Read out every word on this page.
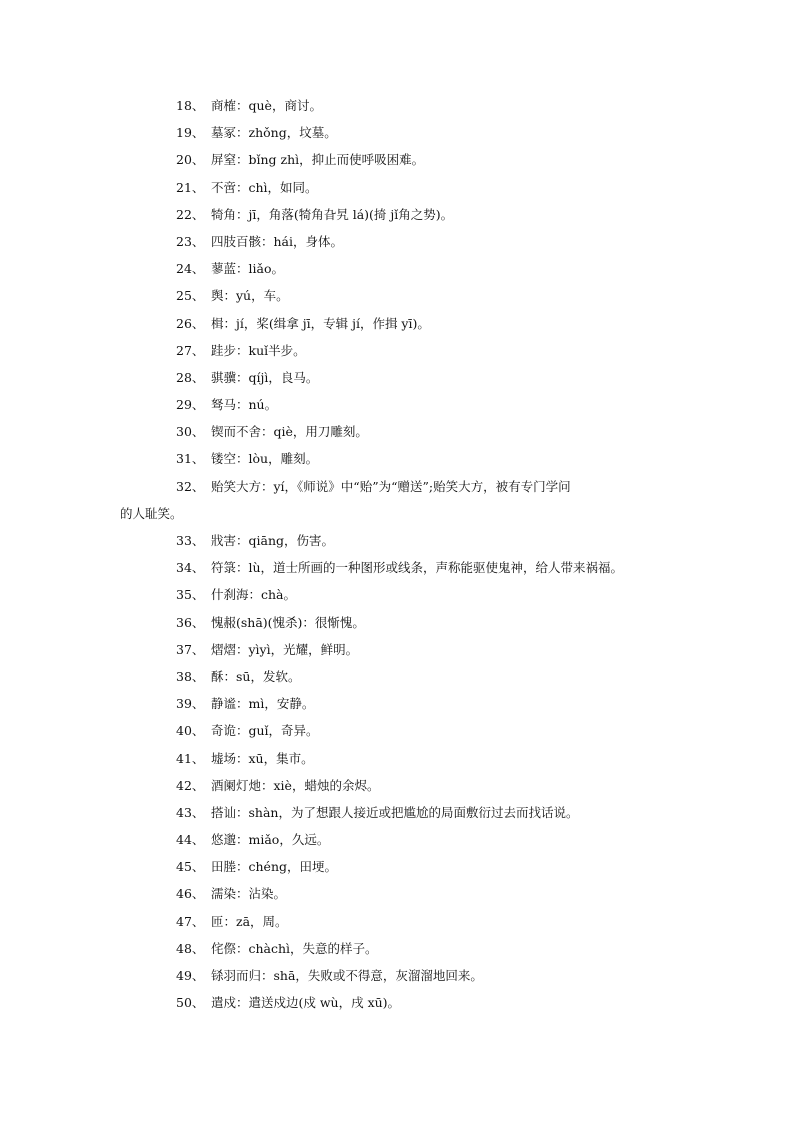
18、 商榷：què，商讨。
19、 墓冢：zhǒng，坟墓。
20、 屏窒：bǐng zhì，抑止而使呼吸困难。
21、 不啻：chì，如同。
22、 犄角：jī，角落(犄角旮旯 lá)(掎 jǐ角之势)。
23、 四肢百骸：hái，身体。
24、 蓼蓝：liǎo。
25、 舆：yú，车。
26、 楫：jí，桨(缉拿 jī，专辑 jí，作揖 yī)。
27、 跬步：kuǐ半步。
28、 骐骥：qíjì，良马。
29、 驽马：nú。
30、 锲而不舍：qiè，用刀雕刻。
31、 镂空：lòu，雕刻。
32、 贻笑大方：yí，《师说》中“贻”为“赠送”;贻笑大方，被有专门学问
的人耻笑。
33、 戕害：qiāng，伤害。
34、 符箓：lù，道士所画的一种图形或线条，声称能驱使鬼神，给人带来祸福。
35、 什刹海：chà。
36、 愧赧(shā)(愧杀)：很惭愧。
37、 熠熠：yìyì，光耀，鲜明。
38、 酥：sū，发软。
39、 静谧：mì，安静。
40、 奇诡：guǐ，奇异。
41、 墟场：xū，集市。
42、 酒阑灯灺：xiè，蜡烛的余烬。
43、 搭讪：shàn，为了想跟人接近或把尴尬的局面敷衍过去而找话说。
44、 悠邈：miǎo，久远。
45、 田塍：chéng，田埂。
46、 濡染：沾染。
47、 匝：zā，周。
48、 侘傺：chàchì，失意的样子。
49、 铩羽而归：shā，失败或不得意，灰溜溜地回来。
50、 遣戍：遣送戍边(戍 wù，戌 xū)。
